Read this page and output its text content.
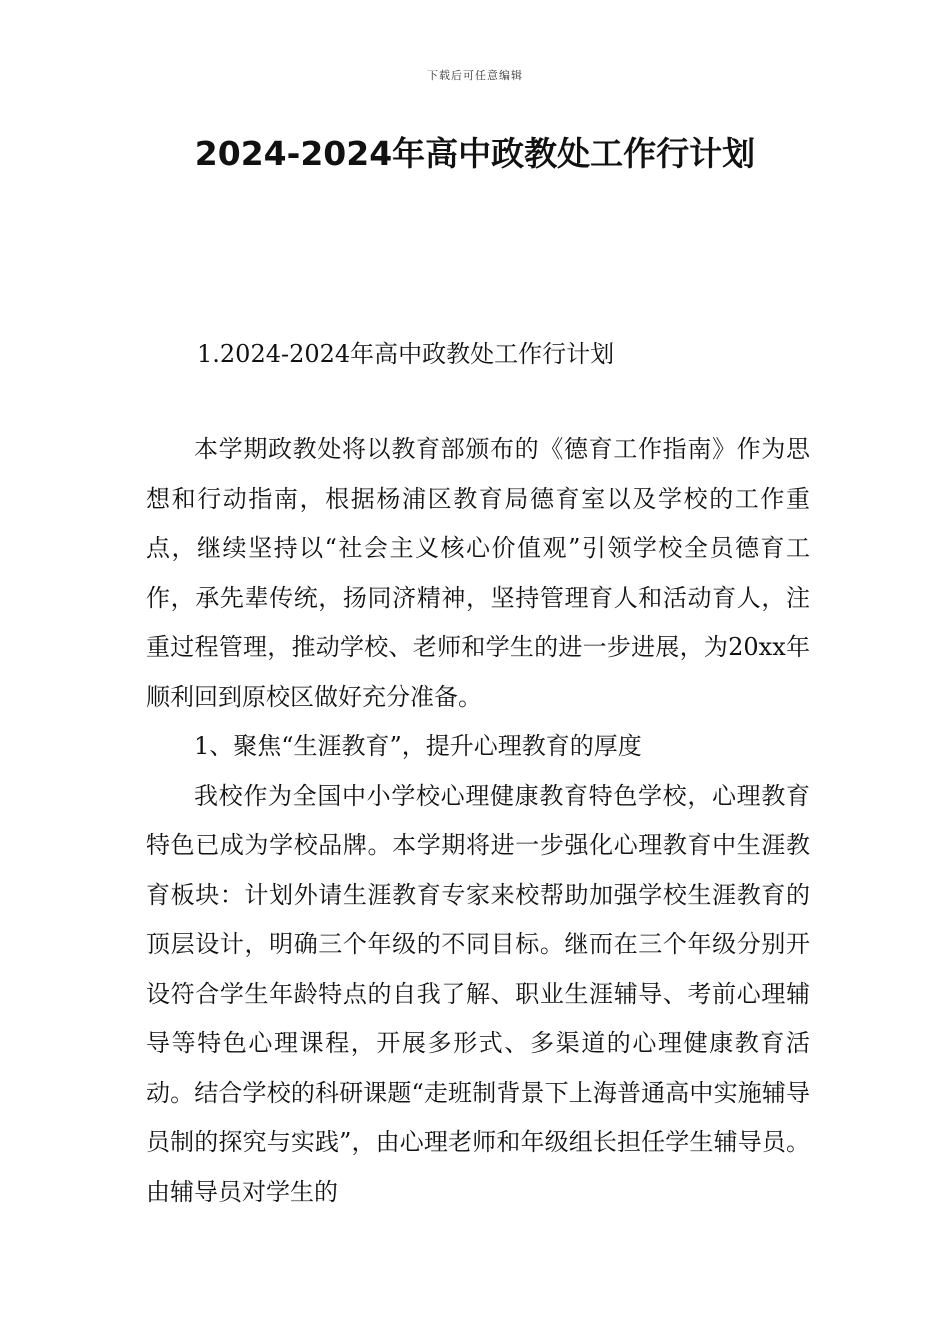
下载后可任意编辑
2024-2024年高中政教处工作行计划
1.2024-2024年高中政教处工作行计划

本学期政教处将以教育部颁布的《德育工作指南》作为思想和行动指南，根据杨浦区教育局德育室以及学校的工作重点，继续坚持以“社会主义核心价值观”引领学校全员德育工作，承先辈传统，扬同济精神，坚持管理育人和活动育人，注重过程管理，推动学校、老师和学生的进一步进展，为20xx年顺利回到原校区做好充分准备。

1、聚焦“生涯教育”，提升心理教育的厚度

我校作为全国中小学校心理健康教育特色学校，心理教育特色已成为学校品牌。本学期将进一步强化心理教育中生涯教育板块：计划外请生涯教育专家来校帮助加强学校生涯教育的顶层设计，明确三个年级的不同目标。继而在三个年级分别开设符合学生年龄特点的自我了解、职业生涯辅导、考前心理辅导等特色心理课程，开展多形式、多渠道的心理健康教育活动。结合学校的科研课题“走班制背景下上海普通高中实施辅导员制的探究与实践”，由心理老师和年级组长担任学生辅导员。由辅导员对学生的
